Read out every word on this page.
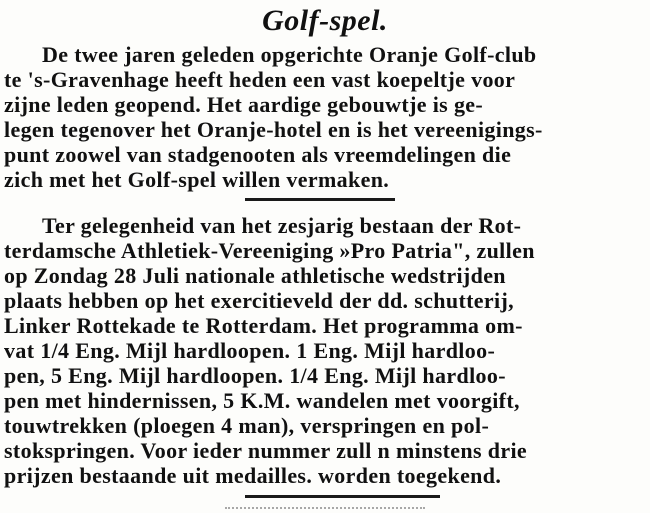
Golf-spel.
De twee jaren geleden opgerichte Oranje Golf-club
te 's-Gravenhage heeft heden een vast koepeltje voor
zijne leden geopend. Het aardige gebouwtje is ge-
legen tegenover het Oranje-hotel en is het vereenigings-
punt zoowel van stadgenooten als vreemdelingen die
zich met het Golf-spel willen vermaken.
Ter gelegenheid van het zesjarig bestaan der Rot-
terdamsche Athletiek-Vereeniging »Pro Patria", zullen
op Zondag 28 Juli nationale athletische wedstrijden
plaats hebben op het exercitieveld der dd. schutterij,
Linker Rottekade te Rotterdam. Het programma om-
vat 1/4 Eng. Mijl hardloopen. 1 Eng. Mijl hardloo-
pen, 5 Eng. Mijl hardloopen. 1/4 Eng. Mijl hardloo-
pen met hindernissen, 5 K.M. wandelen met voorgift,
touwtrekken (ploegen 4 man), verspringen en pol-
stokspringen. Voor ieder nummer zull n minstens drie
prijzen bestaande uit medailles. worden toegekend.
